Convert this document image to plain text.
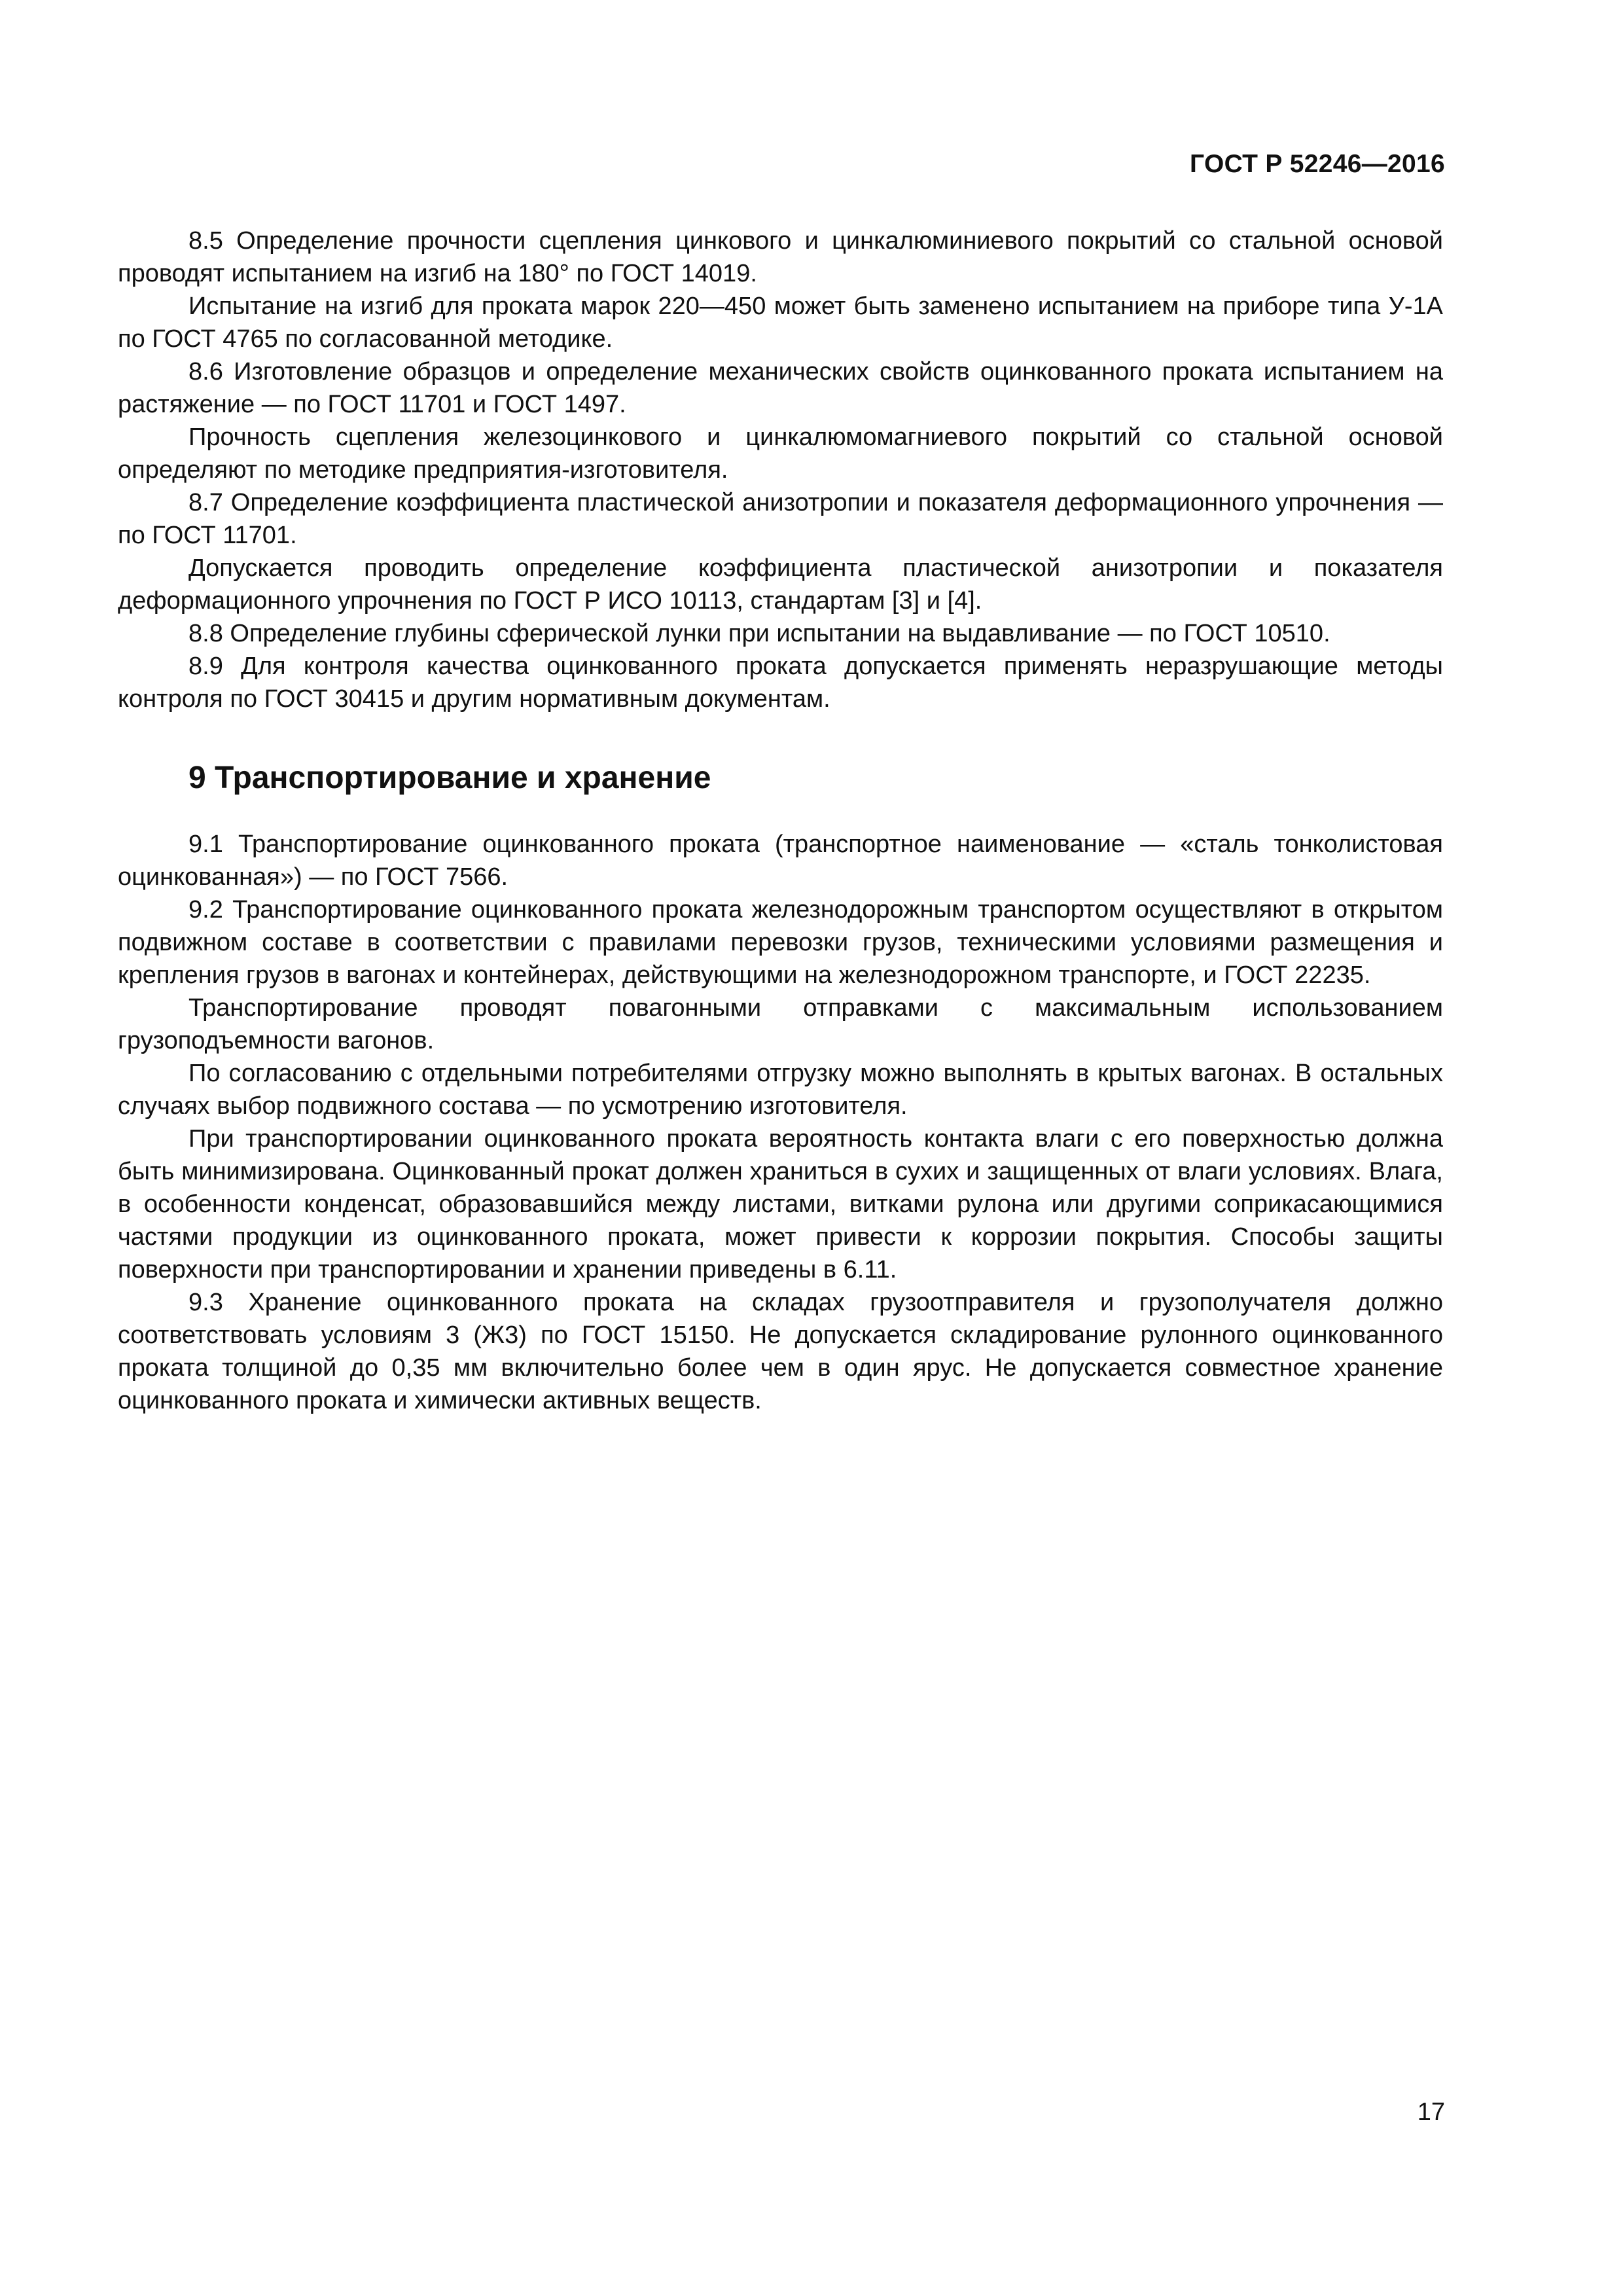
ГОСТ Р 52246—2016

8.5 Определение прочности сцепления цинкового и цинкалюминиевого покрытий со стальной основой проводят испытанием на изгиб на 180° по ГОСТ 14019.

Испытание на изгиб для проката марок 220—450 может быть заменено испытанием на приборе типа У-1А по ГОСТ 4765 по согласованной методике.

8.6 Изготовление образцов и определение механических свойств оцинкованного проката испытанием на растяжение — по ГОСТ 11701 и ГОСТ 1497.

Прочность сцепления железоцинкового и цинкалюмомагниевого покрытий со стальной основой определяют по методике предприятия-изготовителя.

8.7 Определение коэффициента пластической анизотропии и показателя деформационного упрочнения — по ГОСТ 11701.

Допускается проводить определение коэффициента пластической анизотропии и показателя деформационного упрочнения по ГОСТ Р ИСО 10113, стандартам [3] и [4].

8.8 Определение глубины сферической лунки при испытании на выдавливание — по ГОСТ 10510.

8.9 Для контроля качества оцинкованного проката допускается применять неразрушающие методы контроля по ГОСТ 30415 и другим нормативным документам.

9 Транспортирование и хранение

9.1 Транспортирование оцинкованного проката (транспортное наименование — «сталь тонколистовая оцинкованная») — по ГОСТ 7566.

9.2 Транспортирование оцинкованного проката железнодорожным транспортом осуществляют в открытом подвижном составе в соответствии с правилами перевозки грузов, техническими условиями размещения и крепления грузов в вагонах и контейнерах, действующими на железнодорожном транспорте, и ГОСТ 22235.

Транспортирование проводят повагонными отправками с максимальным использованием грузоподъемности вагонов.

По согласованию с отдельными потребителями отгрузку можно выполнять в крытых вагонах. В остальных случаях выбор подвижного состава — по усмотрению изготовителя.

При транспортировании оцинкованного проката вероятность контакта влаги с его поверхностью должна быть минимизирована. Оцинкованный прокат должен храниться в сухих и защищенных от влаги условиях. Влага, в особенности конденсат, образовавшийся между листами, витками рулона или другими соприкасающимися частями продукции из оцинкованного проката, может привести к коррозии покрытия. Способы защиты поверхности при транспортировании и хранении приведены в 6.11.

9.3 Хранение оцинкованного проката на складах грузоотправителя и грузополучателя должно соответствовать условиям 3 (Ж3) по ГОСТ 15150. Не допускается складирование рулонного оцинкованного проката толщиной до 0,35 мм включительно более чем в один ярус. Не допускается совместное хранение оцинкованного проката и химически активных веществ.

17
